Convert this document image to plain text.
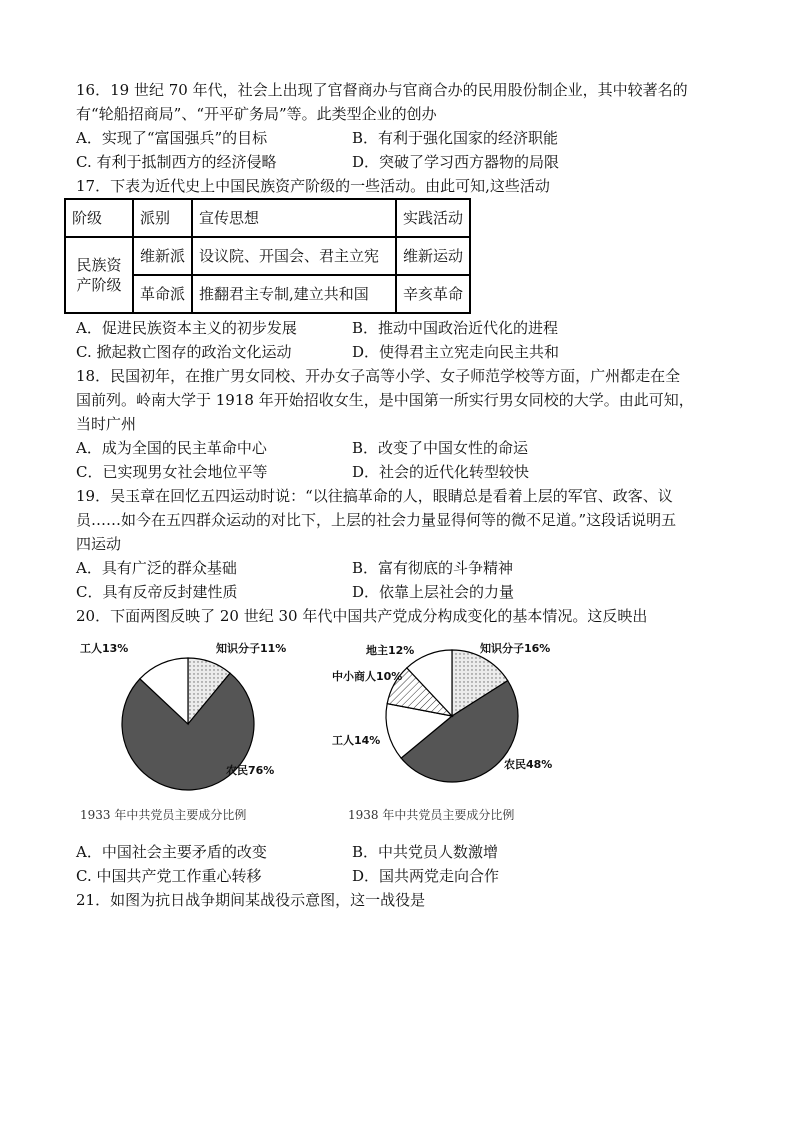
16．19 世纪 70 年代，社会上出现了官督商办与官商合办的民用股份制企业，其中较著名的
有“轮船招商局”、“开平矿务局”等。此类型企业的创办
A．实现了“富国强兵”的目标	B．有利于强化国家的经济职能
C. 有利于抵制西方的经济侵略	D．突破了学习西方器物的局限
17．下表为近代史上中国民族资产阶级的一些活动。由此可知,这些活动
阶级	派别	宣传思想	实践活动
民族资产阶级	维新派	设议院、开国会、君主立宪	维新运动
	革命派	推翻君主专制,建立共和国	辛亥革命
A．促进民族资本主义的初步发展	B．推动中国政治近代化的进程
C. 掀起救亡图存的政治文化运动	D．使得君主立宪走向民主共和
18．民国初年，在推广男女同校、开办女子高等小学、女子师范学校等方面，广州都走在全
国前列。岭南大学于 1918 年开始招收女生，是中国第一所实行男女同校的大学。由此可知，
当时广州
A．成为全国的民主革命中心	B．改变了中国女性的命运
C．已实现男女社会地位平等	D．社会的近代化转型较快
19．吴玉章在回忆五四运动时说：“以往搞革命的人，眼睛总是看着上层的军官、政客、议
员……如今在五四群众运动的对比下，上层的社会力量显得何等的微不足道。”这段话说明五
四运动
A．具有广泛的群众基础	B．富有彻底的斗争精神
C．具有反帝反封建性质	D．依靠上层社会的力量
20．下面两图反映了 20 世纪 30 年代中国共产党成分构成变化的基本情况。这反映出
知识分子11%
农民76%
工人13%
1933 年中共党员主要成分比例
知识分子16%
农民48%
工人14%
中小商人10%
地主12%
1938 年中共党员主要成分比例
A．中国社会主要矛盾的改变	B．中共党员人数激增
C. 中国共产党工作重心转移	D．国共两党走向合作
21．如图为抗日战争期间某战役示意图，这一战役是
